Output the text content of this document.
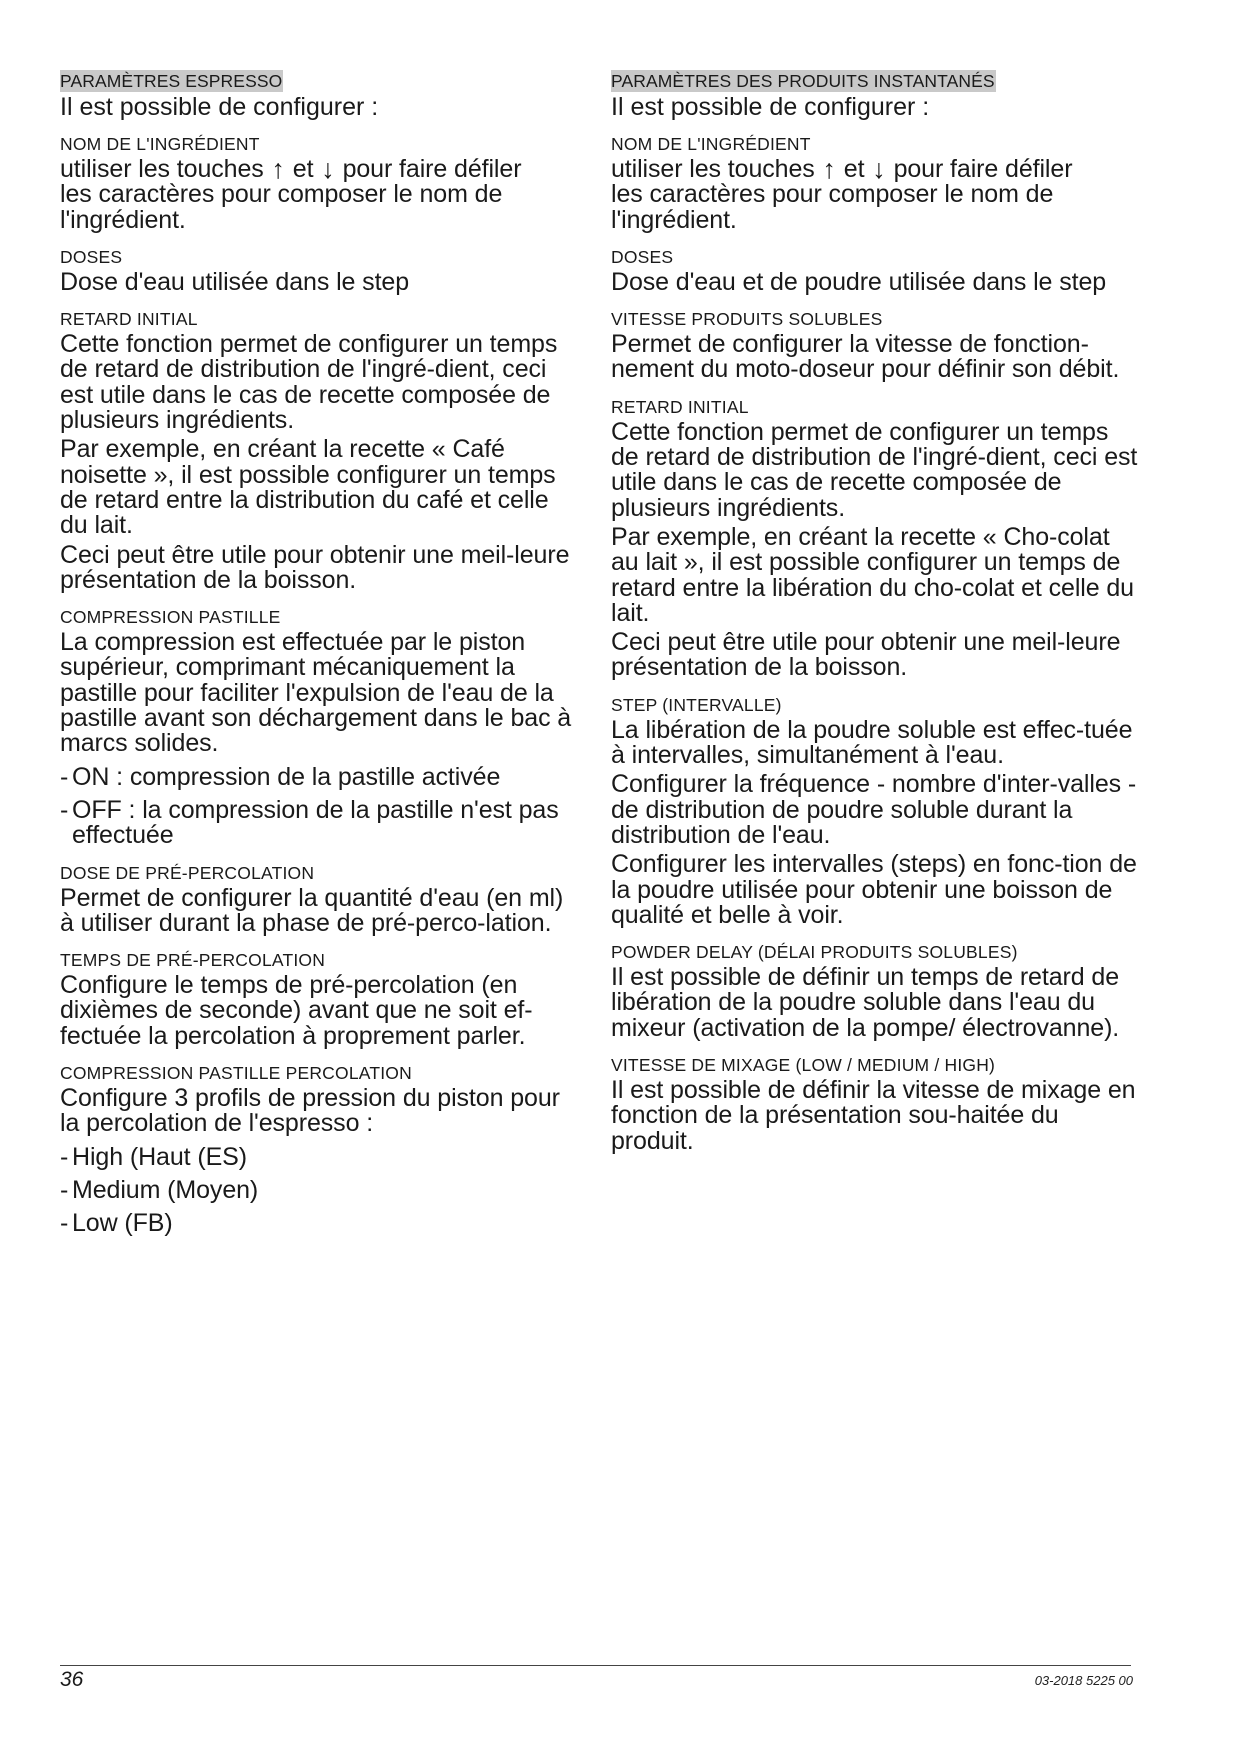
PARAMÈTRES ESPRESSO
Il est possible de configurer :
NOM DE L'INGRÉDIENT

utiliser les touches ↑ et ↓ pour faire défiler

les caractères pour composer le nom de l'ingrédient.

DOSES

Dose d'eau utilisée dans le step

RETARD INITIAL

Cette fonction permet de configurer un temps de retard de distribution de l'ingré-dient, ceci est utile dans le cas de recette composée de plusieurs ingrédients.

Par exemple, en créant la recette « Café noisette », il est possible configurer un temps de retard entre la distribution du café et celle du lait.

Ceci peut être utile pour obtenir une meil-leure présentation de la boisson.

COMPRESSION PASTILLE

La compression est effectuée par le piston supérieur, comprimant mécaniquement la pastille pour faciliter l'expulsion de l'eau de la pastille avant son déchargement dans le bac à marcs solides.

- ON : compression de la pastille activée
- OFF : la compression de la pastille n'est pas effectuée
DOSE DE PRÉ-PERCOLATION

Permet de configurer la quantité d'eau (en ml) à utiliser durant la phase de pré-perco-lation.

TEMPS DE PRÉ-PERCOLATION

Configure le temps de pré-percolation (en dixièmes de seconde) avant que ne soit ef-fectuée la percolation à proprement parler.

COMPRESSION PASTILLE PERCOLATION

Configure 3 profils de pression du piston pour la percolation de l'espresso :

- High (Haut (ES)
- Medium (Moyen)
- Low (FB)
PARAMÈTRES DES PRODUITS INSTANTANÉS
Il est possible de configurer :
NOM DE L'INGRÉDIENT

utiliser les touches ↑ et ↓ pour faire défiler

les caractères pour composer le nom de l'ingrédient.

DOSES

Dose d'eau et de poudre utilisée dans le step

VITESSE PRODUITS SOLUBLES

Permet de configurer la vitesse de fonction-nement du moto-doseur pour définir son débit.

RETARD INITIAL

Cette fonction permet de configurer un temps de retard de distribution de l'ingré-dient, ceci est utile dans le cas de recette composée de plusieurs ingrédients.

Par exemple, en créant la recette « Cho-colat au lait », il est possible configurer un temps de retard entre la libération du cho-colat et celle du lait.

Ceci peut être utile pour obtenir une meil-leure présentation de la boisson.

STEP (INTERVALLE)

La libération de la poudre soluble est effec-tuée à intervalles, simultanément à l'eau.

Configurer la fréquence - nombre d'inter-valles - de distribution de poudre soluble durant la distribution de l'eau.

Configurer les intervalles (steps) en fonc-tion de la poudre utilisée pour obtenir une boisson de qualité et belle à voir.

POWDER DELAY (DÉLAI PRODUITS SOLUBLES)

Il est possible de définir un temps de retard de libération de la poudre soluble dans l'eau du mixeur (activation de la pompe/ électrovanne).

VITESSE DE MIXAGE (LOW / MEDIUM / HIGH)

Il est possible de définir la vitesse de mixage en fonction de la présentation sou-haitée du produit.

36	03-2018 5225 00
